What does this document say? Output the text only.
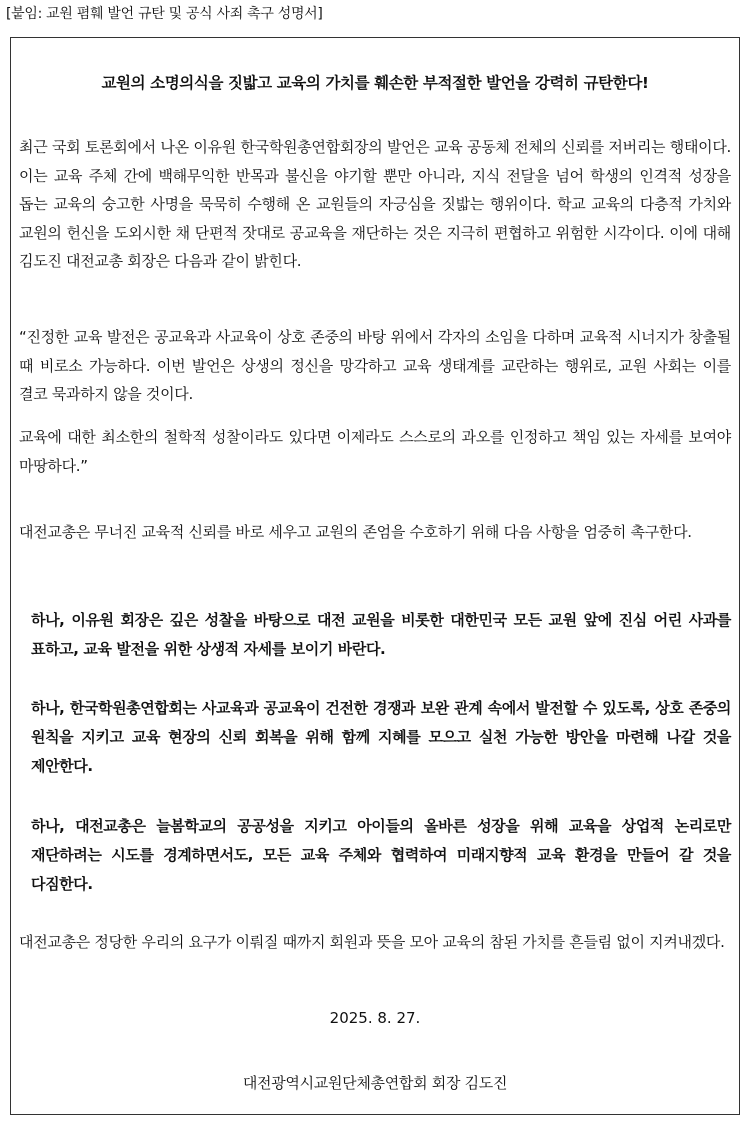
[붙임: 교원 폄훼 발언 규탄 및 공식 사죄 촉구 성명서]
교원의 소명의식을 짓밟고 교육의 가치를 훼손한 부적절한 발언을 강력히 규탄한다!

최근 국회 토론회에서 나온 이유원 한국학원총연합회장의 발언은 교육 공동체 전체의 신뢰를 저버리는 행태이다. 이는 교육 주체 간에 백해무익한 반목과 불신을 야기할 뿐만 아니라, 지식 전달을 넘어 학생의 인격적 성장을 돕는 교육의 숭고한 사명을 묵묵히 수행해 온 교원들의 자긍심을 짓밟는 행위이다. 학교 교육의 다층적 가치와 교원의 헌신을 도외시한 채 단편적 잣대로 공교육을 재단하는 것은 지극히 편협하고 위험한 시각이다. 이에 대해 김도진 대전교총 회장은 다음과 같이 밝힌다.

“진정한 교육 발전은 공교육과 사교육이 상호 존중의 바탕 위에서 각자의 소임을 다하며 교육적 시너지가 창출될 때 비로소 가능하다. 이번 발언은 상생의 정신을 망각하고 교육 생태계를 교란하는 행위로, 교원 사회는 이를 결코 묵과하지 않을 것이다.

교육에 대한 최소한의 철학적 성찰이라도 있다면 이제라도 스스로의 과오를 인정하고 책임 있는 자세를 보여야 마땅하다.”

대전교총은 무너진 교육적 신뢰를 바로 세우고 교원의 존엄을 수호하기 위해 다음 사항을 엄중히 촉구한다.

하나, 이유원 회장은 깊은 성찰을 바탕으로 대전 교원을 비롯한 대한민국 모든 교원 앞에 진심 어린 사과를 표하고, 교육 발전을 위한 상생적 자세를 보이기 바란다.

하나, 한국학원총연합회는 사교육과 공교육이 건전한 경쟁과 보완 관계 속에서 발전할 수 있도록, 상호 존중의 원칙을 지키고 교육 현장의 신뢰 회복을 위해 함께 지혜를 모으고 실천 가능한 방안을 마련해 나갈 것을 제안한다.

하나, 대전교총은 늘봄학교의 공공성을 지키고 아이들의 올바른 성장을 위해 교육을 상업적 논리로만 재단하려는 시도를 경계하면서도, 모든 교육 주체와 협력하여 미래지향적 교육 환경을 만들어 갈 것을 다짐한다.

대전교총은 정당한 우리의 요구가 이뤄질 때까지 회원과 뜻을 모아 교육의 참된 가치를 흔들림 없이 지켜내겠다.

2025. 8. 27.
대전광역시교원단체총연합회 회장 김도진
